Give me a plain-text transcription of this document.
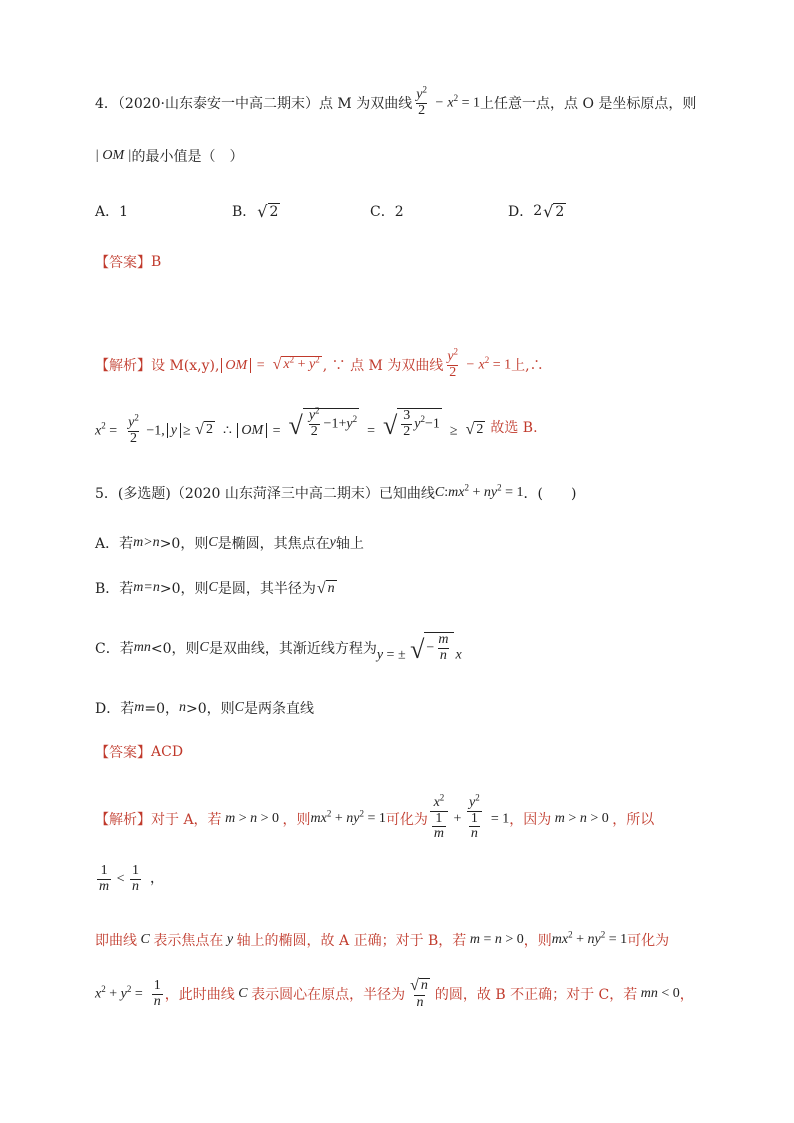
4．（2020·山东泰安一中高二期末）点 M 为双曲线 $\frac{y^2}{2} - x^2 = 1$ 上任意一点，点 O 是坐标原点，则
| OM | 的最小值是（　）
A．1	B． √ 2	C．2	D． 2 √ 2
【答案】 B
【解析】 设 M(x,y), OM = √ $x^2 + y^2$ , ∵ 点 M 为双曲线 $\frac{y^2}{2} - x^2 = 1$ 上,∴
$x^2 = \frac{y^2}{2} -1$, y ≥ √ 2 ∴ OM = √ $\frac{y^2}{2} -1+y^2$
= √ $\frac{3}{2} y^2-1$ ≥ √ 2 故选 B.
5．(多选题)（2020 山东菏泽三中高二期末）已知曲线 $C:mx^2 + ny^2 = 1$ ．(　　)
A．若 m>n >0，则 C 是椭圆，其焦点在 y 轴上
B．若 m=n >0，则 C 是圆，其半径为 √ n
C．若 mn <0，则 C 是双曲线，其渐近线方程为 y = ± √ − $\frac{m}{n}$ x
D．若 m =0， n >0，则 C 是两条直线
【答案】 ACD
【解析】 对于 A，若 m > n > 0 ，则 $mx^2 + ny^2 = 1$ 可化为 $\frac{x^2}{\frac{1}{m}} + \frac{y^2}{\frac{1}{n}} = 1$ ，因为 m > n > 0 ，所以
$\frac{1}{m} < \frac{1}{n}$ ，
即曲线 C 表示焦点在 y 轴上的椭圆，故 A 正确；对于 B，若 m = n > 0 ，则 $mx^2 + ny^2 = 1$ 可化为
$x^2 + y^2 = \frac{1}{n}$ ，此时曲线 C 表示圆心在原点，半径为 $\frac{√ n}{n}$ 的圆，故 B 不正确；对于 C，若 mn < 0 ，
